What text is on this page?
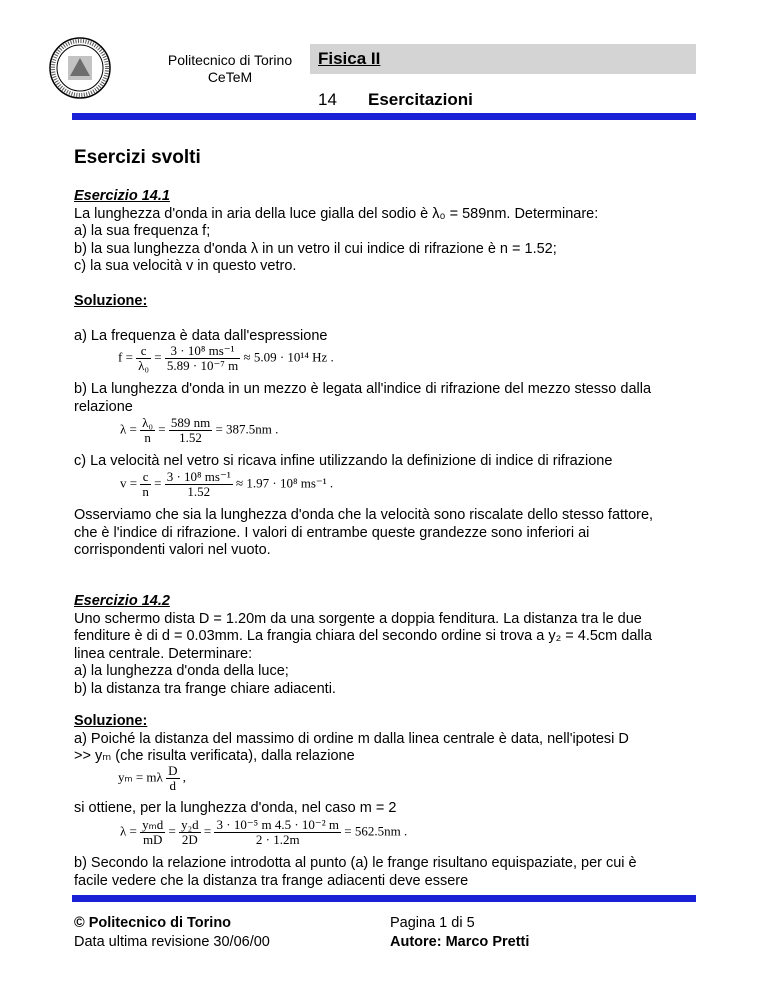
Politecnico di Torino
CeTeM
Fisica II
14 Esercitazioni
Esercizi svolti
Esercizio 14.1
La lunghezza d'onda in aria della luce gialla del sodio è λ₀ = 589nm. Determinare:
a) la sua frequenza f;
b) la sua lunghezza d'onda λ in un vetro il cui indice di rifrazione è n = 1.52;
c) la sua velocità v in questo vetro.
Soluzione:
a) La frequenza è data dall'espressione
$f = \frac{c}{\text{λ₀}} = \frac{\text{3 · 10⁸ ms⁻¹}}{\text{5.89 · 10⁻⁷ m}} \approx 5.09 \cdot 10^{14}$ Hz .
b) La lunghezza d'onda in un mezzo è legata all'indice di rifrazione del mezzo stesso dalla
relazione
$\lambda = \frac{\text{λ₀}}{n} = \frac{589 nm}{1.52} = 387.5nm$ .
c) La velocità nel vetro si ricava infine utilizzando la definizione di indice di rifrazione
$v = \frac{c}{n} = \frac{\text{3 · 10⁸ ms⁻¹}}{1.52} \approx 1.97 \cdot 10^8$ ms⁻¹ .
Osserviamo che sia la lunghezza d'onda che la velocità sono riscalate dello stesso fattore,
che è l'indice di rifrazione. I valori di entrambe queste grandezze sono inferiori ai
corrispondenti valori nel vuoto.
Esercizio 14.2
Uno schermo dista D = 1.20m da una sorgente a doppia fenditura. La distanza tra le due
fenditure è di d = 0.03mm. La frangia chiara del secondo ordine si trova a y₂ = 4.5cm dalla
linea centrale. Determinare:
a) la lunghezza d'onda della luce;
b) la distanza tra frange chiare adiacenti.
Soluzione:
a) Poiché la distanza del massimo di ordine m dalla linea centrale è data, nell'ipotesi D
>> yₘ (che risulta verificata), dalla relazione
yₘ = mλ $\frac{D}{d}$ ,
si ottiene, per la lunghezza d'onda, nel caso m = 2
$\lambda = \frac{\text{yₘd}}{mD} = \frac{\text{y₂d}}{2D} = \frac{\text{3 · 10⁻⁵ m 4.5 · 10⁻² m}}{2 \cdot 1.2m} = 562.5nm$ .
b) Secondo la relazione introdotta al punto (a) le frange risultano equispaziate, per cui è
facile vedere che la distanza tra frange adiacenti deve essere
© Politecnico di Torino
Data ultima revisione 30/06/00
Pagina 1 di 5
Autore: Marco Pretti
